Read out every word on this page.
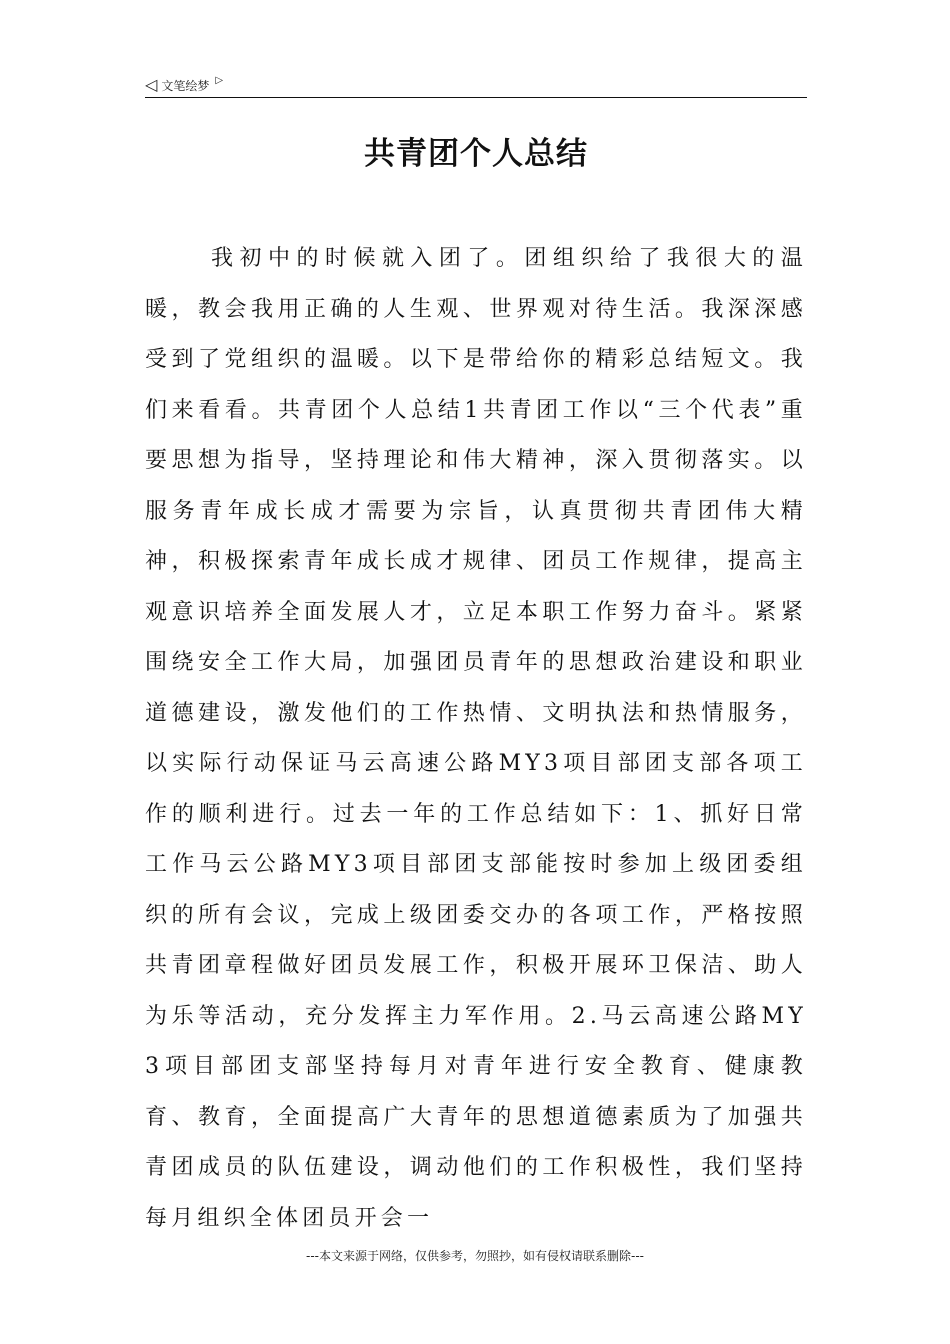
◁ 文笔绘梦 ▷
共青团个人总结

我初中的时候就入团了。团组织给了我很大的温暖，教会我用正确的人生观、世界观对待生活。我深深感受到了党组织的温暖。以下是带给你的精彩总结短文。我们来看看。共青团个人总结1共青团工作以“三个代表”重要思想为指导，坚持理论和伟大精神，深入贯彻落实。以服务青年成长成才需要为宗旨，认真贯彻共青团伟大精神，积极探索青年成长成才规律、团员工作规律，提高主观意识培养全面发展人才，立足本职工作努力奋斗。紧紧围绕安全工作大局，加强团员青年的思想政治建设和职业道德建设，激发他们的工作热情、文明执法和热情服务，以实际行动保证马云高速公路MY3项目部团支部各项工作的顺利进行。过去一年的工作总结如下：1、抓好日常工作马云公路MY3项目部团支部能按时参加上级团委组织的所有会议，完成上级团委交办的各项工作，严格按照共青团章程做好团员发展工作，积极开展环卫保洁、助人为乐等活动，充分发挥主力军作用。2.马云高速公路MY3项目部团支部坚持每月对青年进行安全教育、健康教育、教育，全面提高广大青年的思想道德素质为了加强共青团成员的队伍建设，调动他们的工作积极性，我们坚持每月组织全体团员开会一

---本文来源于网络，仅供参考，勿照抄，如有侵权请联系删除---
